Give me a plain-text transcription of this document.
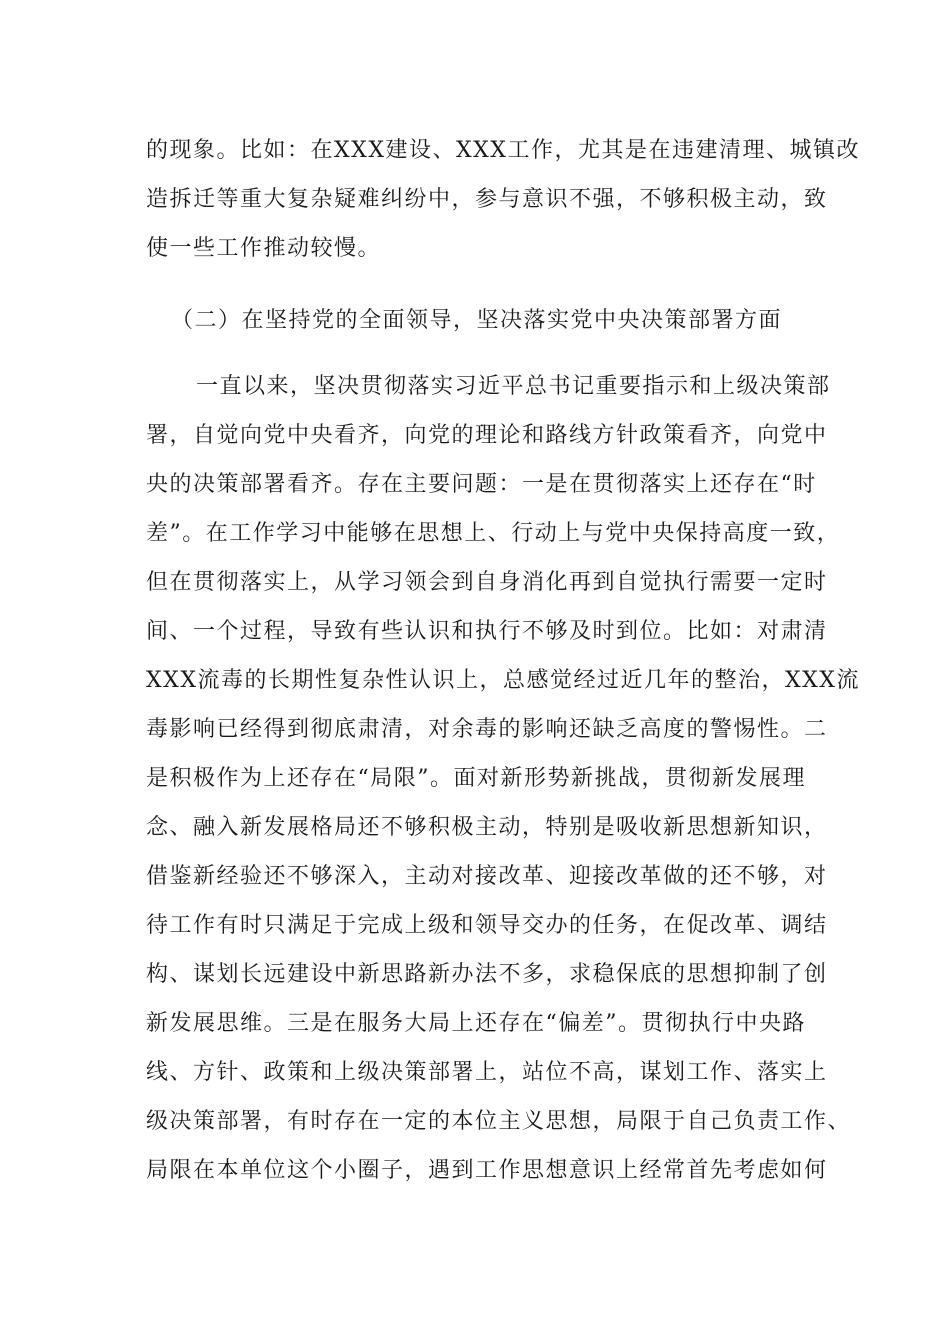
的现象。比如：在XXX建设、XXX工作，尤其是在违建清理、城镇改
造拆迁等重大复杂疑难纠纷中，参与意识不强，不够积极主动，致
使一些工作推动较慢。
（二）在坚持党的全面领导，坚决落实党中央决策部署方面
一直以来，坚决贯彻落实习近平总书记重要指示和上级决策部
署，自觉向党中央看齐，向党的理论和路线方针政策看齐，向党中
央的决策部署看齐。存在主要问题：一是在贯彻落实上还存在“时
差”。在工作学习中能够在思想上、行动上与党中央保持高度一致，
但在贯彻落实上，从学习领会到自身消化再到自觉执行需要一定时
间、一个过程，导致有些认识和执行不够及时到位。比如：对肃清
XXX流毒的长期性复杂性认识上，总感觉经过近几年的整治，XXX流
毒影响已经得到彻底肃清，对余毒的影响还缺乏高度的警惕性。二
是积极作为上还存在“局限”。面对新形势新挑战，贯彻新发展理
念、融入新发展格局还不够积极主动，特别是吸收新思想新知识，
借鉴新经验还不够深入，主动对接改革、迎接改革做的还不够，对
待工作有时只满足于完成上级和领导交办的任务，在促改革、调结
构、谋划长远建设中新思路新办法不多，求稳保底的思想抑制了创
新发展思维。三是在服务大局上还存在“偏差”。贯彻执行中央路
线、方针、政策和上级决策部署上，站位不高，谋划工作、落实上
级决策部署，有时存在一定的本位主义思想，局限于自己负责工作、
局限在本单位这个小圈子，遇到工作思想意识上经常首先考虑如何
